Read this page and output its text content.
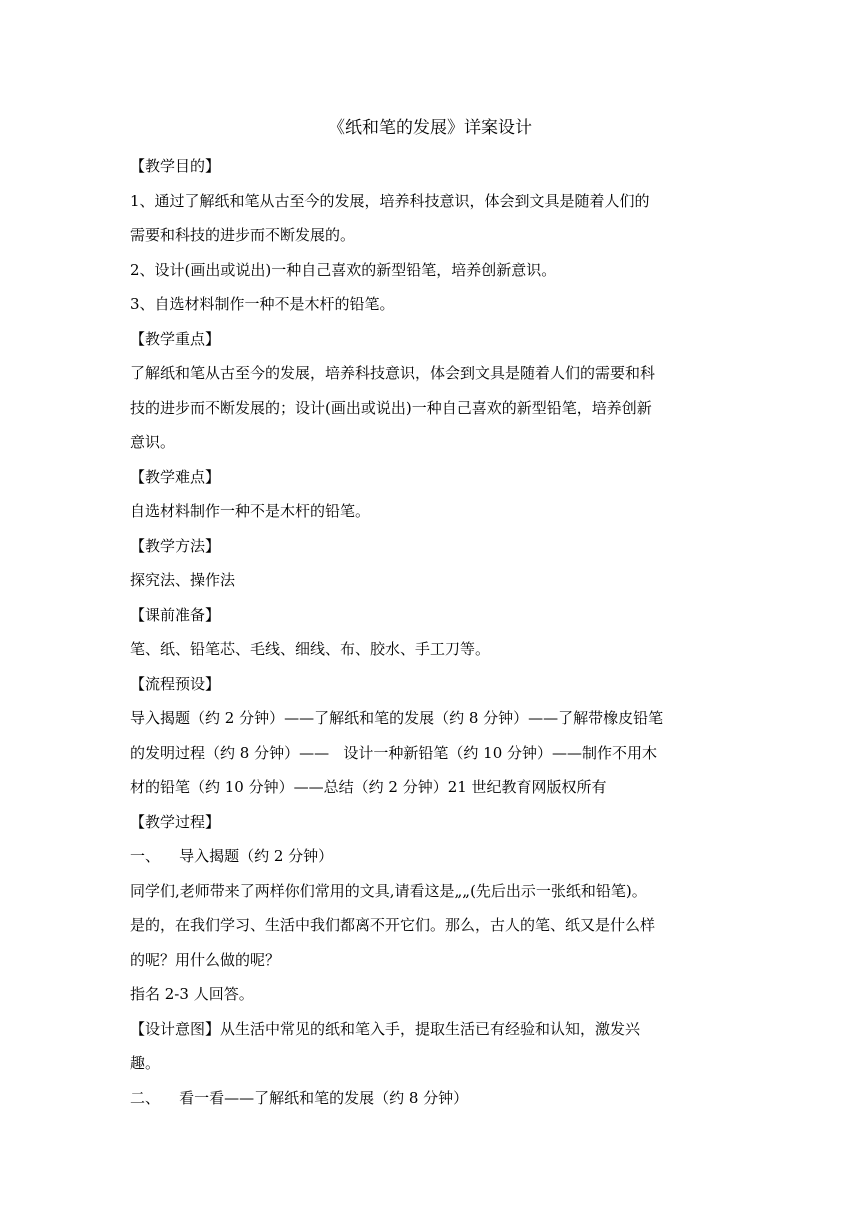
《纸和笔的发展》详案设计
【教学目的】
1、通过了解纸和笔从古至今的发展，培养科技意识，体会到文具是随着人们的
需要和科技的进步而不断发展的。
2、设计(画出或说出)一种自己喜欢的新型铅笔，培养创新意识。
3、自选材料制作一种不是木杆的铅笔。
【教学重点】
了解纸和笔从古至今的发展，培养科技意识，体会到文具是随着人们的需要和科
技的进步而不断发展的；设计(画出或说出)一种自己喜欢的新型铅笔，培养创新
意识。
【教学难点】
自选材料制作一种不是木杆的铅笔。
【教学方法】
探究法、操作法
【课前准备】
笔、纸、铅笔芯、毛线、细线、布、胶水、手工刀等。
【流程预设】
导入揭题（约 2 分钟）——了解纸和笔的发展（约 8 分钟）——了解带橡皮铅笔
的发明过程（约 8 分钟）——   设计一种新铅笔（约 10 分钟）——制作不用木
材的铅笔（约 10 分钟）——总结（约 2 分钟）21 世纪教育网版权所有
【教学过程】
一、    导入揭题（约 2 分钟）
同学们,老师带来了两样你们常用的文具,请看这是„„(先后出示一张纸和铅笔)。
是的，在我们学习、生活中我们都离不开它们。那么，古人的笔、纸又是什么样
的呢？用什么做的呢？
指名 2-3 人回答。
【设计意图】从生活中常见的纸和笔入手，提取生活已有经验和认知，激发兴
趣。
二、    看一看——了解纸和笔的发展（约 8 分钟）
